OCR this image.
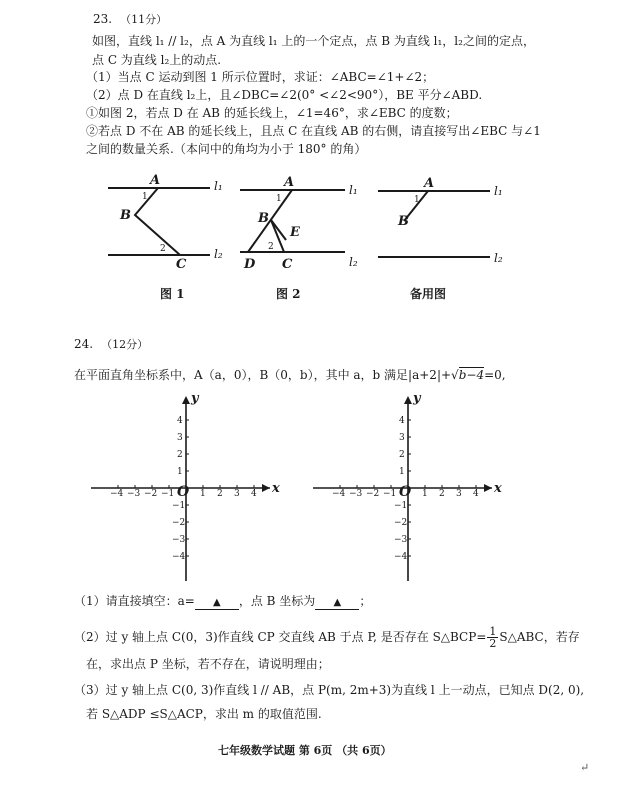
23. （11分）
如图，直线 l₁ // l₂，点 A 为直线 l₁ 上的一个定点，点 B 为直线 l₁，l₂之间的定点，
点 C 为直线 l₂上的动点.
（1）当点 C 运动到图 1 所示位置时，求证：∠ABC=∠1+∠2；
（2）点 D 在直线 l₂上，且∠DBC=∠2(0° <∠2<90°），BE 平分∠ABD.
①如图 2，若点 D 在 AB 的延长线上，∠1=46°，求∠EBC 的度数；
②若点 D 不在 AB 的延长线上，且点 C 在直线 AB 的右侧，请直接写出∠EBC 与∠1
之间的数量关系.（本问中的角均为小于 180° 的角）
A
1
B
2
C
l₁
l₂
图 1
A
1
B
E
2
D C
l₁
l₂
图 2
A
1
B
l₁
l₂
备用图
24. （12分）
在平面直角坐标系中，A（a，0），B（0，b），其中 a，b 满足|a+2|+√b−4=0,
x
y
O
−4 −3 −2 −1	1 2 3 4
4
3
2
1
−1
−2
−3
−4
x
y
O
−4 −3 −2 −1	1 2 3 4
4
3
2
1
−1
−2
−3
−4
（1）请直接填空：a= ▲ ，点 B 坐标为 ▲ ；
（2）过 y 轴上点 C(0，3)作直线 CP 交直线 AB 于点 P, 是否存在 S△BCP= $\frac{1}{2}$ S△ABC，若存
在，求出点 P 坐标，若不存在，请说明理由；
（3）过 y 轴上点 C(0, 3)作直线 l // AB，点 P(m, 2m+3)为直线 l 上一动点，已知点 D(2, 0),
若 S△ADP ≤S△ACP，求出 m 的取值范围.
七年级数学试题 第 6页 （共 6页）
↵
